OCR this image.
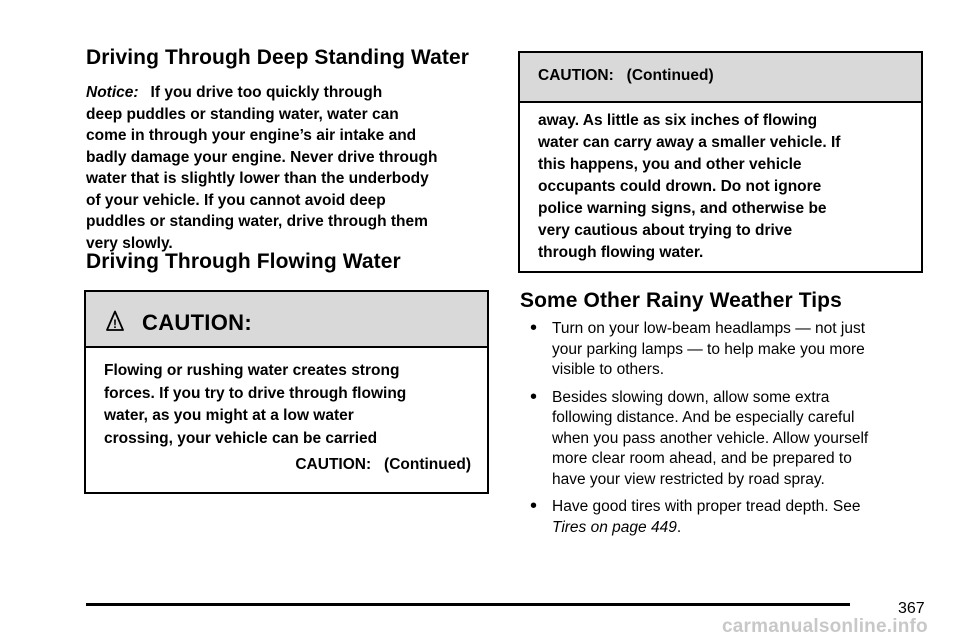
Driving Through Deep Standing Water
Notice: If you drive too quickly through
deep puddles or standing water, water can
come in through your engine’s air intake and
badly damage your engine. Never drive through
water that is slightly lower than the underbody
of your vehicle. If you cannot avoid deep
puddles or standing water, drive through them
very slowly.
Driving Through Flowing Water
! CAUTION:
Flowing or rushing water creates strong
forces. If you try to drive through flowing
water, as you might at a low water
crossing, your vehicle can be carried
CAUTION:   (Continued)
CAUTION:   (Continued)
away. As little as six inches of flowing
water can carry away a smaller vehicle. If
this happens, you and other vehicle
occupants could drown. Do not ignore
police warning signs, and otherwise be
very cautious about trying to drive
through flowing water.
Some Other Rainy Weather Tips
• Turn on your low-beam headlamps — not just
your parking lamps — to help make you more
visible to others.
• Besides slowing down, allow some extra
following distance. And be especially careful
when you pass another vehicle. Allow yourself
more clear room ahead, and be prepared to
have your view restricted by road spray.
• Have good tires with proper tread depth. See
Tires on page 449.
367
carmanualsonline.info
